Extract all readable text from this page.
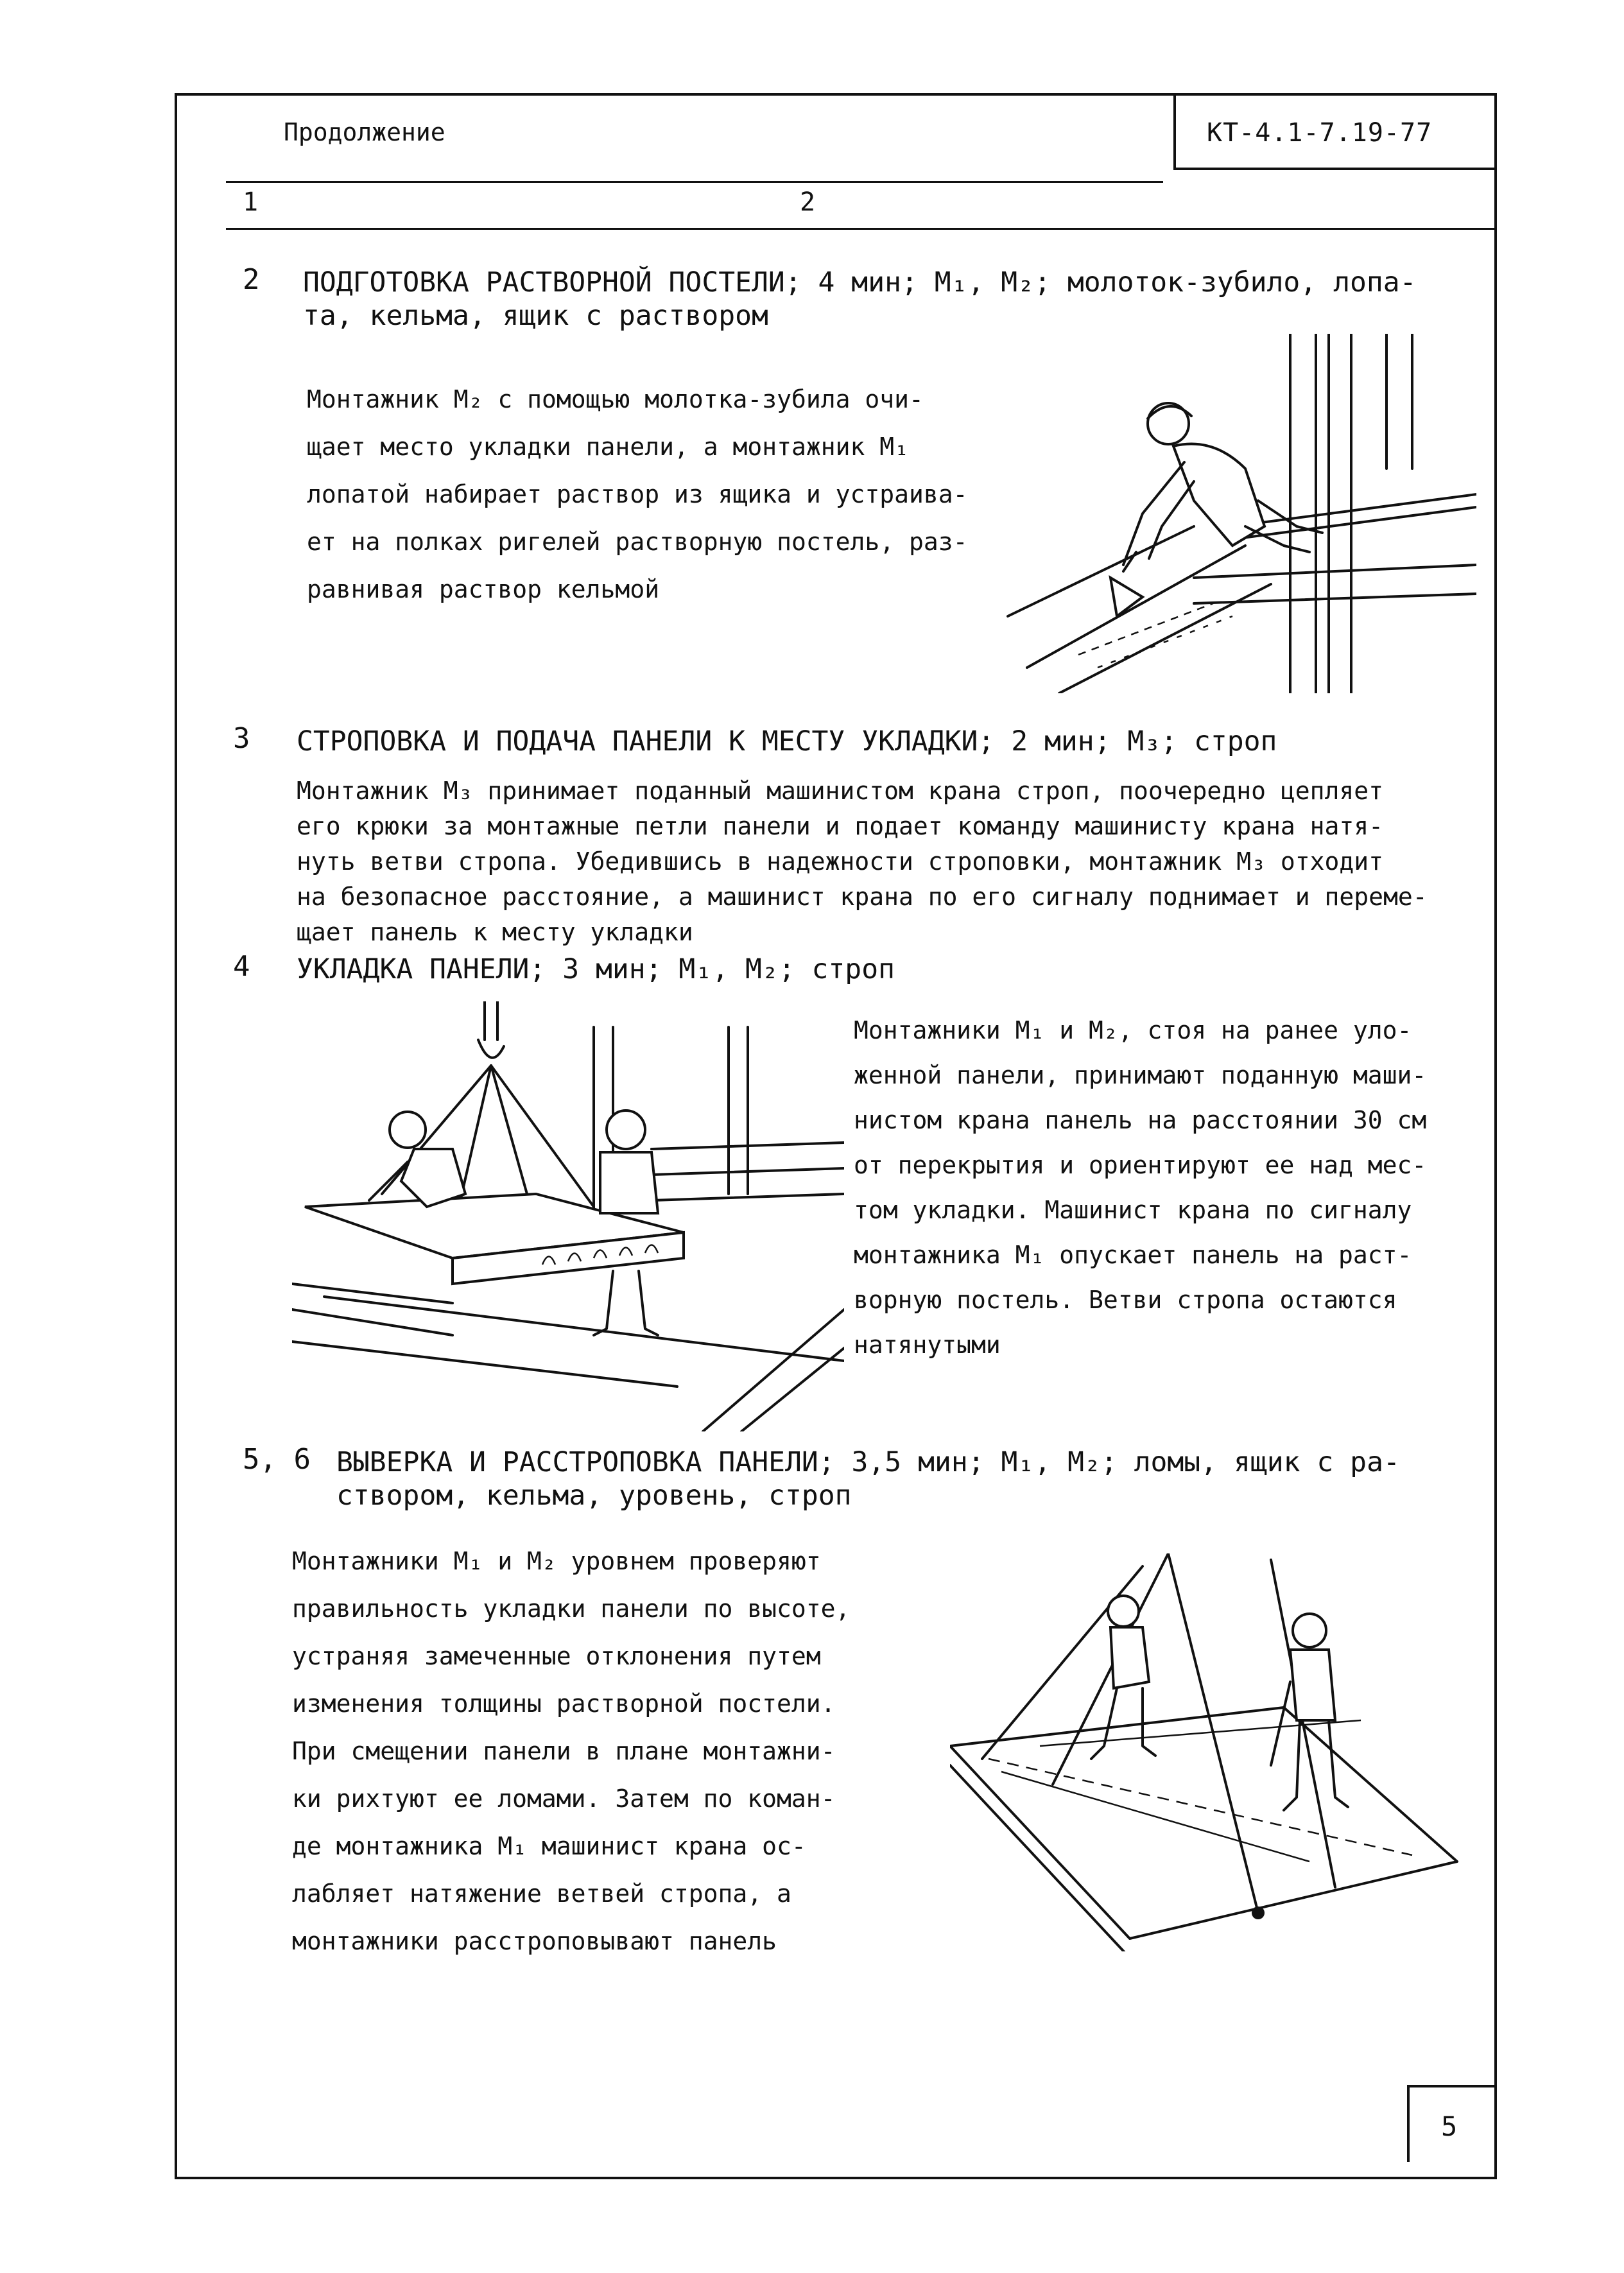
Продолжение	КТ-4.1-7.19-77
1	2
2 ПОДГОТОВКА РАСТВОРНОЙ ПОСТЕЛИ; 4 мин; М₁, М₂; молоток-зубило, лопа-
та, кельма, ящик с раствором
Монтажник М₂ с помощью молотка-зубила очи-
щает место укладки панели, а монтажник М₁
лопатой набирает раствор из ящика и устраива-
ет на полках ригелей растворную постель, раз-
равнивая раствор кельмой
3 СТРОПОВКА И ПОДАЧА ПАНЕЛИ К МЕСТУ УКЛАДКИ; 2 мин; М₃; строп
Монтажник М₃ принимает поданный машинистом крана строп, поочередно цепляет
его крюки за монтажные петли панели и подает команду машинисту крана натя-
нуть ветви стропа. Убедившись в надежности строповки, монтажник М₃ отходит
на безопасное расстояние, а машинист крана по его сигналу поднимает и переме-
щает панель к месту укладки
4 УКЛАДКА ПАНЕЛИ; 3 мин; М₁, М₂; строп
Монтажники М₁ и М₂, стоя на ранее уло-
женной панели, принимают поданную маши-
нистом крана панель на расстоянии 30 см
от перекрытия и ориентируют ее над мес-
том укладки. Машинист крана по сигналу
монтажника М₁ опускает панель на раст-
ворную постель. Ветви стропа остаются
натянутыми
5, 6 ВЫВЕРКА И РАССТРОПОВКА ПАНЕЛИ; 3,5 мин; М₁, М₂; ломы, ящик с ра-
створом, кельма, уровень, строп
Монтажники М₁ и М₂ уровнем проверяют
правильность укладки панели по высоте,
устраняя замеченные отклонения путем
изменения толщины растворной постели.
При смещении панели в плане монтажни-
ки рихтуют ее ломами. Затем по коман-
де монтажника М₁ машинист крана ос-
лабляет натяжение ветвей стропа, а
монтажники расстроповывают панель
5
